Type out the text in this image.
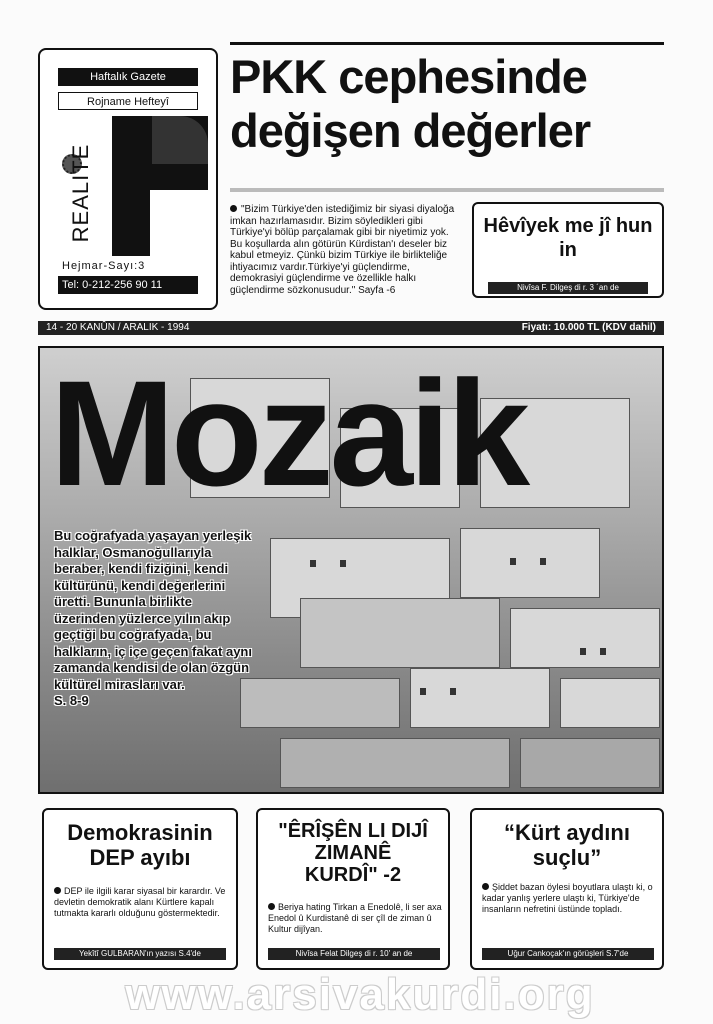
Haftalık Gazete
Rojname Hefteyî
REALITE
Hejmar-Sayı:3
Tel: 0-212-256 90 11
PKK cephesinde
değişen değerler
"Bizim Türkiye'den istediğimiz bir siyasi diyaloğa imkan hazırlamasıdır. Bizim söyledikleri gibi Türkiye'yi bölüp parçalamak gibi bir niyetimiz yok. Bu koşullarda alın götürün Kürdistan'ı deseler biz kabul etmeyiz. Çünkü bizim Türkiye ile birlikteliğe ihtiyacımız vardır.Türkiye'yi güçlendirme, demokrasiyi güçlendirme ve özellikle halkı güçlendirme sözkonusudur." Sayfa -6
Hêvîyek me jî hun in
Nivîsa F. Dilgeş di r. 3 ´an de
14 - 20 KANÛN / ARALIK - 1994	Fiyatı: 10.000 TL (KDV dahil)
Mozaik
Bu coğrafyada yaşayan yerleşik halklar, Osmanoğullarıyla beraber, kendi fiziğini, kendi kültürünü, kendi değerlerini üretti. Bununla birlikte üzerinden yüzlerce yılın akıp geçtiği bu coğrafyada, bu halkların, iç içe geçen fakat aynı zamanda kendisi de olan özgün kültürel mirasları var.
S. 8-9
Demokrasinin DEP ayıbı
DEP ile ilgili karar siyasal bir karardır. Ve devletin demokratik alanı Kürtlere kapalı tutmakta kararlı olduğunu göstermektedir.
Yekîtî GULBARAN'ın yazısı S.4'de
"ÊRÎŞÊN LI DIJÎ ZIMANÊ KURDÎ" -2
Beriya hating Tirkan a Enedolê, li ser axa Enedol û Kurdistanê di ser çîl de ziman û Kultur dijîyan.
Nivîsa Felat Dilgeş di r. 10' an de
“Kürt aydını suçlu”
Şiddet bazan öylesi boyutlara ulaştı ki, o kadar yanlış yerlere ulaştı ki, Türkiye'de insanların nefretini üstünde topladı.
Uğur Cankoçak'ın görüşleri S.7'de
www.arsivakurdi.org
